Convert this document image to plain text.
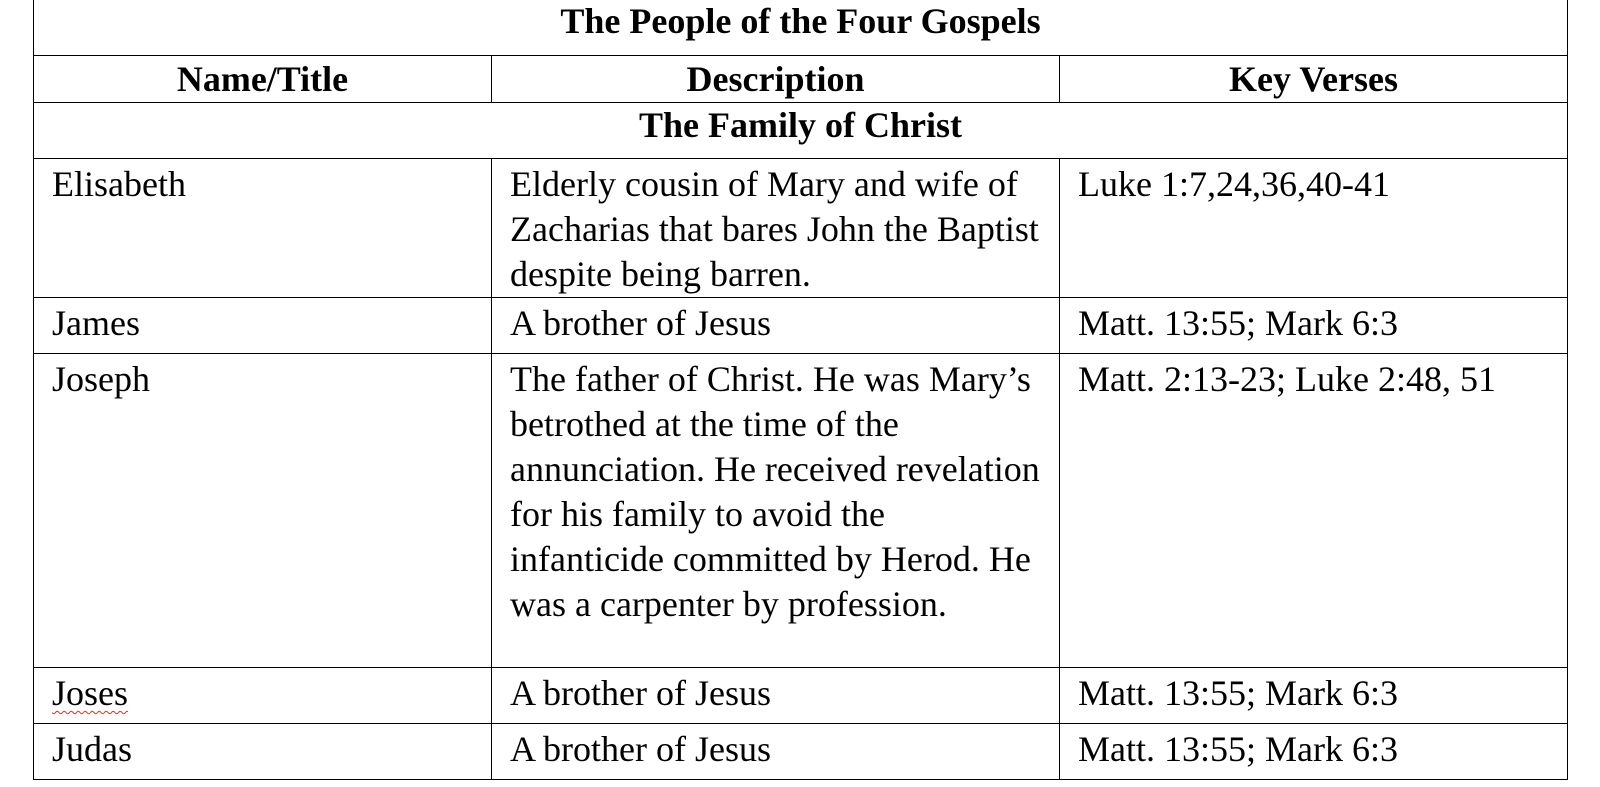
The People of the Four Gospels		
Name/Title	Description	Key Verses
The Family of Christ		
Elisabeth	Elderly cousin of Mary and wife of Zacharias that bares John the Baptist despite being barren.	Luke 1:7,24,36,40-41
James	A brother of Jesus	Matt. 13:55; Mark 6:3
Joseph	The father of Christ. He was Mary’s betrothed at the time of the annunciation. He received revelation for his family to avoid the infanticide committed by Herod. He was a carpenter by profession.	Matt. 2:13-23; Luke 2:48, 51
Joses	A brother of Jesus	Matt. 13:55; Mark 6:3
Judas	A brother of Jesus	Matt. 13:55; Mark 6:3
